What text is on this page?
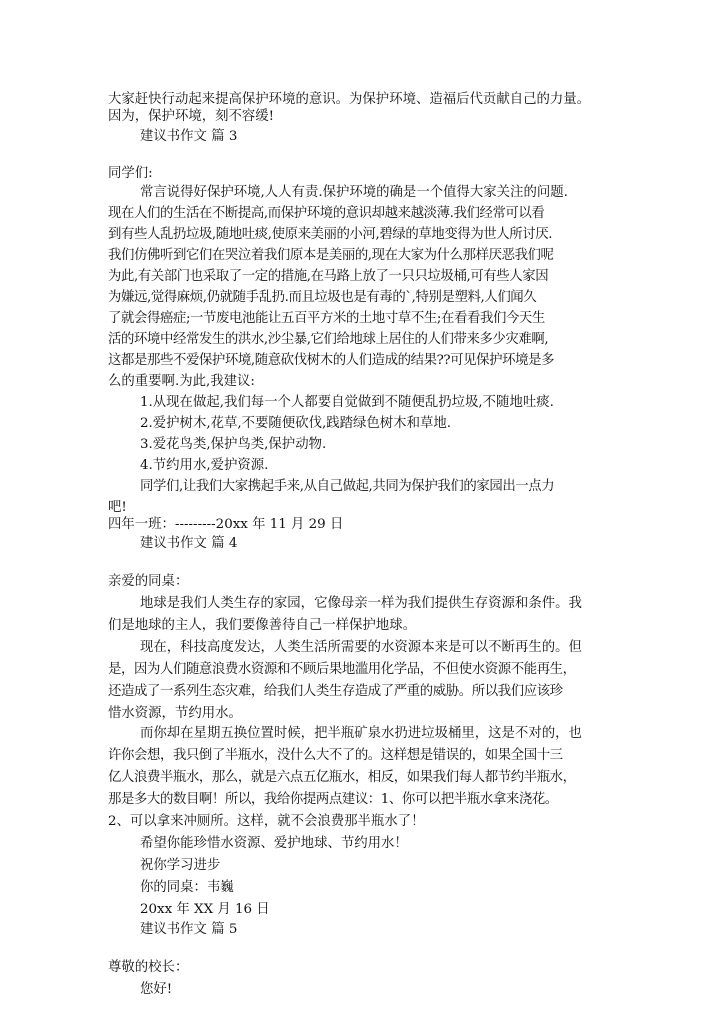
大家赶快行动起来提高保护环境的意识。为保护环境、造福后代贡献自己的力量。
因为，保护环境，刻不容缓!
建议书作文 篇 3
同学们:
常言说得好保护环境,人人有责.保护环境的确是一个值得大家关注的问题.
现在人们的生活在不断提高,而保护环境的意识却越来越淡薄.我们经常可以看
到有些人乱扔垃圾,随地吐痰,使原来美丽的小河,碧绿的草地变得为世人所讨厌.
我们仿佛听到它们在哭泣着我们原本是美丽的,现在大家为什么那样厌恶我们呢
为此,有关部门也采取了一定的措施,在马路上放了一只只垃圾桶,可有些人家因
为嫌远,觉得麻烦,仍就随手乱扔.而且垃圾也是有毒的`,特别是塑料,人们闻久
了就会得癌症;一节废电池能让五百平方米的土地寸草不生;在看看我们今天生
活的环境中经常发生的洪水,沙尘暴,它们给地球上居住的人们带来多少灾难啊,
这都是那些不爱保护环境,随意砍伐树木的人们造成的结果??可见保护环境是多
么的重要啊.为此,我建议:
1.从现在做起,我们每一个人都要自觉做到不随便乱扔垃圾,不随地吐痰.
2.爱护树木,花草,不要随便砍伐,践踏绿色树木和草地.
3.爱花鸟类,保护鸟类,保护动物.
4.节约用水,爱护资源.
同学们,让我们大家携起手来,从自己做起,共同为保护我们的家园出一点力
吧!
四年一班：---------20xx 年 11 月 29 日
建议书作文 篇 4
亲爱的同桌：
地球是我们人类生存的家园，它像母亲一样为我们提供生存资源和条件。我
们是地球的主人，我们要像善待自己一样保护地球。
现在，科技高度发达，人类生活所需要的水资源本来是可以不断再生的。但
是，因为人们随意浪费水资源和不顾后果地滥用化学品，不但使水资源不能再生，
还造成了一系列生态灾难，给我们人类生存造成了严重的威胁。所以我们应该珍
惜水资源，节约用水。
而你却在星期五换位置时候，把半瓶矿泉水扔进垃圾桶里，这是不对的，也
许你会想，我只倒了半瓶水，没什么大不了的。这样想是错误的，如果全国十三
亿人浪费半瓶水，那么，就是六点五亿瓶水，相反，如果我们每人都节约半瓶水，
那是多大的数目啊！所以，我给你提两点建议：1、你可以把半瓶水拿来浇花。
2、可以拿来冲厕所。这样，就不会浪费那半瓶水了！
希望你能珍惜水资源、爱护地球、节约用水！
祝你学习进步
你的同桌：韦巍
20xx 年 XX 月 16 日
建议书作文 篇 5
尊敬的校长：
您好!
